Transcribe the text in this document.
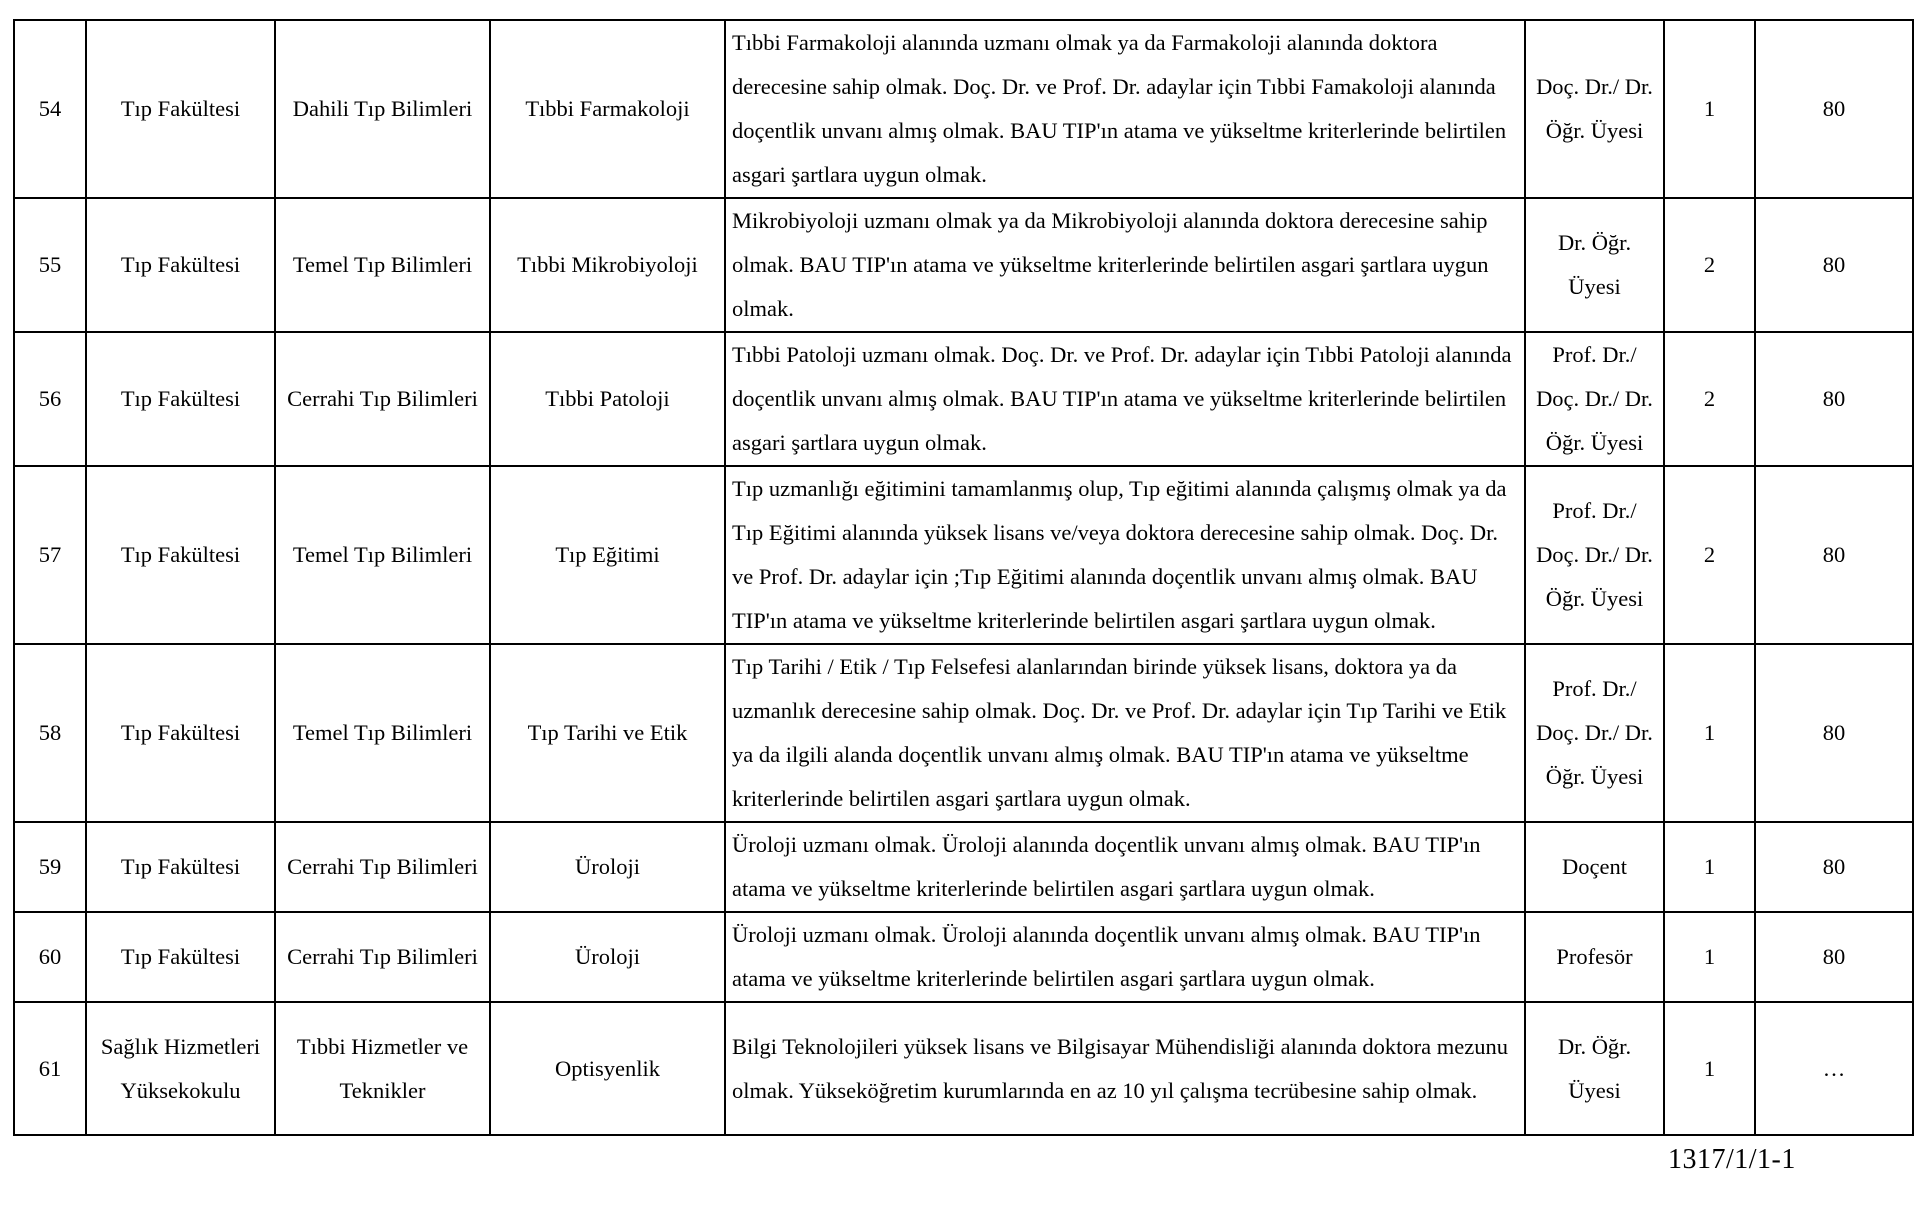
54	Tıp Fakültesi	Dahili Tıp Bilimleri	Tıbbi Farmakoloji	Tıbbi Farmakoloji alanında uzmanı olmak ya da Farmakoloji alanında doktora derecesine sahip olmak. Doç. Dr. ve Prof. Dr. adaylar için Tıbbi Famakoloji alanında doçentlik unvanı almış olmak. BAU TIP'ın atama ve yükseltme kriterlerinde belirtilen asgari şartlara uygun olmak.	Doç. Dr./ Dr. Öğr. Üyesi	1	80
55	Tıp Fakültesi	Temel Tıp Bilimleri	Tıbbi Mikrobiyoloji	Mikrobiyoloji uzmanı olmak ya da Mikrobiyoloji alanında doktora derecesine sahip olmak. BAU TIP'ın atama ve yükseltme kriterlerinde belirtilen asgari şartlara uygun olmak.	Dr. Öğr. Üyesi	2	80
56	Tıp Fakültesi	Cerrahi Tıp Bilimleri	Tıbbi Patoloji	Tıbbi Patoloji uzmanı olmak. Doç. Dr. ve Prof. Dr. adaylar için Tıbbi Patoloji alanında doçentlik unvanı almış olmak. BAU TIP'ın atama ve yükseltme kriterlerinde belirtilen asgari şartlara uygun olmak.	Prof. Dr./ Doç. Dr./ Dr. Öğr. Üyesi	2	80
57	Tıp Fakültesi	Temel Tıp Bilimleri	Tıp Eğitimi	Tıp uzmanlığı eğitimini tamamlanmış olup, Tıp eğitimi alanında çalışmış olmak ya da Tıp Eğitimi alanında yüksek lisans ve/veya doktora derecesine sahip olmak. Doç. Dr. ve Prof. Dr. adaylar için ;Tıp Eğitimi alanında doçentlik unvanı almış olmak. BAU TIP'ın atama ve yükseltme kriterlerinde belirtilen asgari şartlara uygun olmak.	Prof. Dr./ Doç. Dr./ Dr. Öğr. Üyesi	2	80
58	Tıp Fakültesi	Temel Tıp Bilimleri	Tıp Tarihi ve Etik	Tıp Tarihi / Etik / Tıp Felsefesi alanlarından birinde yüksek lisans, doktora ya da uzmanlık derecesine sahip olmak. Doç. Dr. ve Prof. Dr. adaylar için Tıp Tarihi ve Etik ya da ilgili alanda doçentlik unvanı almış olmak. BAU TIP'ın atama ve yükseltme kriterlerinde belirtilen asgari şartlara uygun olmak.	Prof. Dr./ Doç. Dr./ Dr. Öğr. Üyesi	1	80
59	Tıp Fakültesi	Cerrahi Tıp Bilimleri	Üroloji	Üroloji uzmanı olmak. Üroloji alanında doçentlik unvanı almış olmak. BAU TIP'ın atama ve yükseltme kriterlerinde belirtilen asgari şartlara uygun olmak.	Doçent	1	80
60	Tıp Fakültesi	Cerrahi Tıp Bilimleri	Üroloji	Üroloji uzmanı olmak. Üroloji alanında doçentlik unvanı almış olmak. BAU TIP'ın atama ve yükseltme kriterlerinde belirtilen asgari şartlara uygun olmak.	Profesör	1	80
61	Sağlık Hizmetleri Yüksekokulu	Tıbbi Hizmetler ve Teknikler	Optisyenlik	Bilgi Teknolojileri yüksek lisans ve Bilgisayar Mühendisliği alanında doktora mezunu olmak. Yükseköğretim kurumlarında en az 10 yıl çalışma tecrübesine sahip olmak.	Dr. Öğr. Üyesi	1	…
1317/1/1-1
